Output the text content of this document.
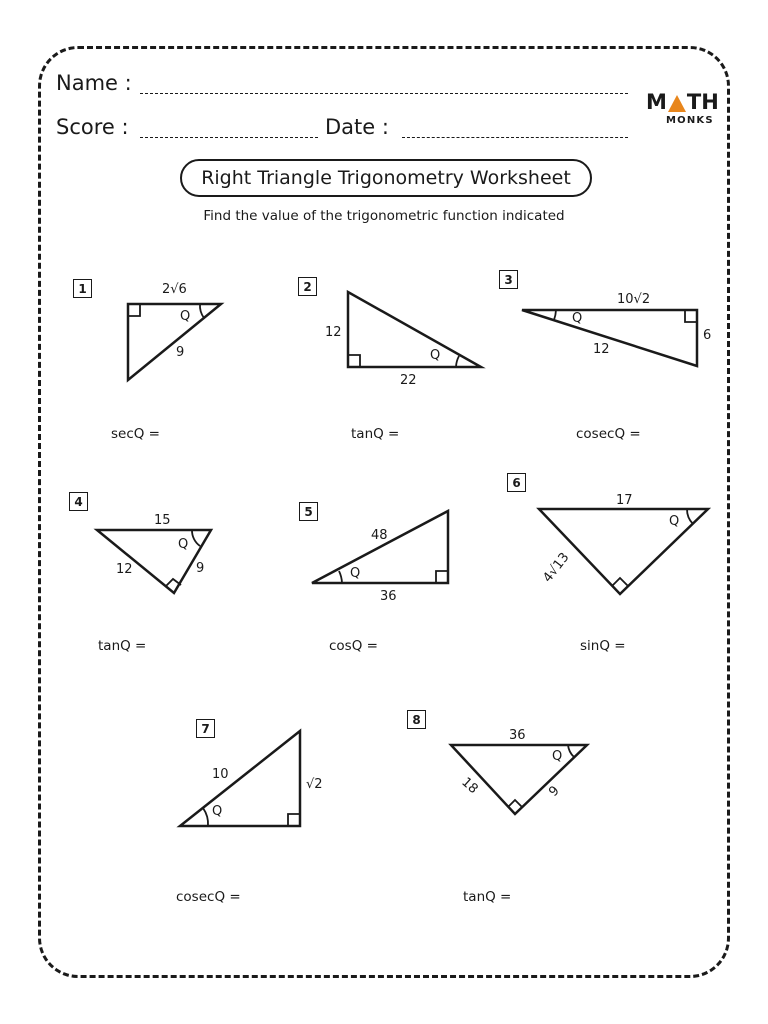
Name :
Score :	Date :
M TH
MONKS
Right Triangle Trigonometry Worksheet
Find the value of the trigonometric function indicated
1	2	3
4
5
6
7
8
Q
2√6
9	Q
12
22
Q
10√2
6
12
Q
15
12	9	Q
48
36
Q
17
4√13
Q
10
√2
Q
36
18	9
secQ =	tanQ =	cosecQ =
tanQ =	cosQ =	sinQ =
cosecQ =	tanQ =
